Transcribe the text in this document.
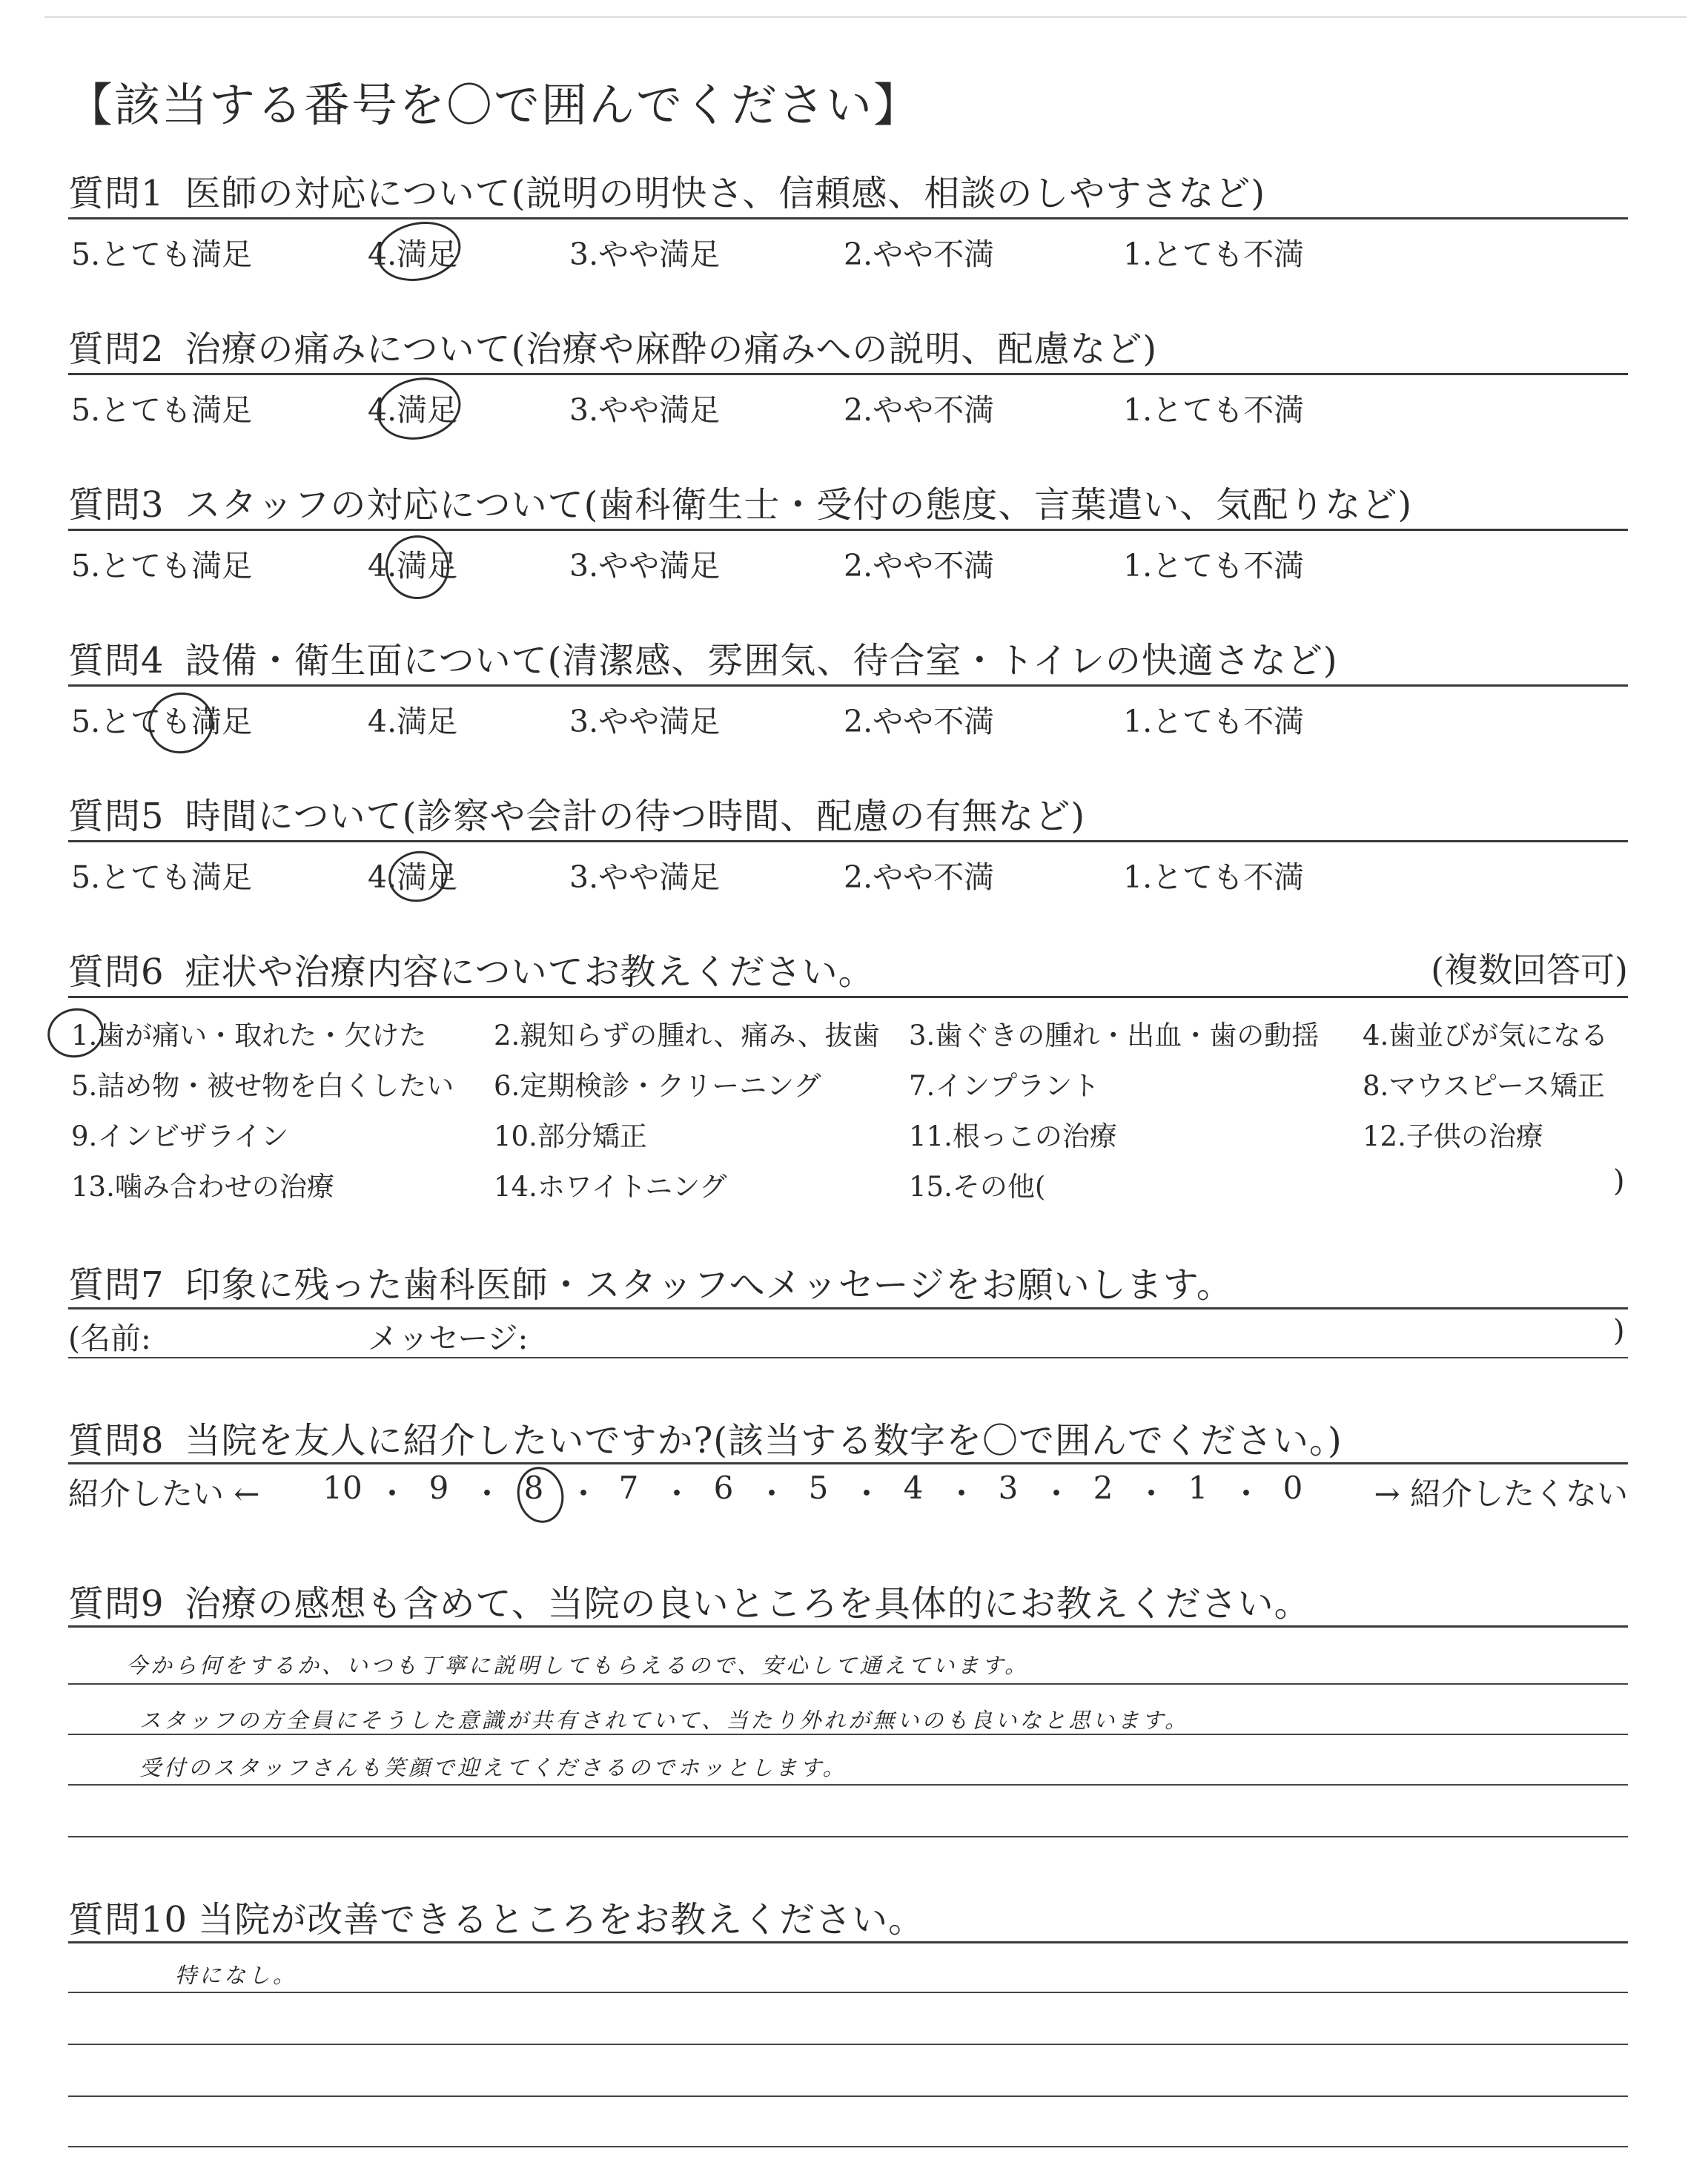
【該当する番号を〇で囲んでください】
質問1 医師の対応について(説明の明快さ、信頼感、相談のしやすさなど)
5.とても満足	4.満足	3.やや満足	2.やや不満	1.とても不満
質問2 治療の痛みについて(治療や麻酔の痛みへの説明、配慮など)
5.とても満足	4.満足	3.やや満足	2.やや不満	1.とても不満
質問3 スタッフの対応について(歯科衛生士・受付の態度、言葉遣い、気配りなど)
5.とても満足	4.満足	3.やや満足	2.やや不満	1.とても不満
質問4 設備・衛生面について(清潔感、雰囲気、待合室・トイレの快適さなど)
5.とても満足	4.満足	3.やや満足	2.やや不満	1.とても不満
質問5 時間について(診察や会計の待つ時間、配慮の有無など)
5.とても満足	4.満足	3.やや満足	2.やや不満	1.とても不満
質問6 症状や治療内容についてお教えください。	(複数回答可)
1.歯が痛い・取れた・欠けた 2.親知らずの腫れ、痛み、抜歯 3.歯ぐきの腫れ・出血・歯の動揺 4.歯並びが気になる
5.詰め物・被せ物を白くしたい 6.定期検診・クリーニング	7.インプラント	8.マウスピース矯正
9.インビザライン	10.部分矯正	11.根っこの治療	12.子供の治療
13.噛み合わせの治療	14.ホワイトニング	15.その他(	)
質問7 印象に残った歯科医師・スタッフへメッセージをお願いします。
(名前:	メッセージ:	)
質問8 当院を友人に紹介したいですか?(該当する数字を〇で囲んでください。)
紹介したい ← 10 ・ 9 ・ 8 ・ 7 ・ 6 ・ 5 ・ 4 ・ 3 ・ 2 ・ 1 ・ 0	→ 紹介したくない
質問9 治療の感想も含めて、当院の良いところを具体的にお教えください。
今から何をするか、いつも丁寧に説明してもらえるので、安心して通えています。
スタッフの方全員にそうした意識が共有されていて、当たり外れが無いのも良いなと思います。
受付のスタッフさんも笑顔で迎えてくださるのでホッとします。
質問10 当院が改善できるところをお教えください。
特になし。
